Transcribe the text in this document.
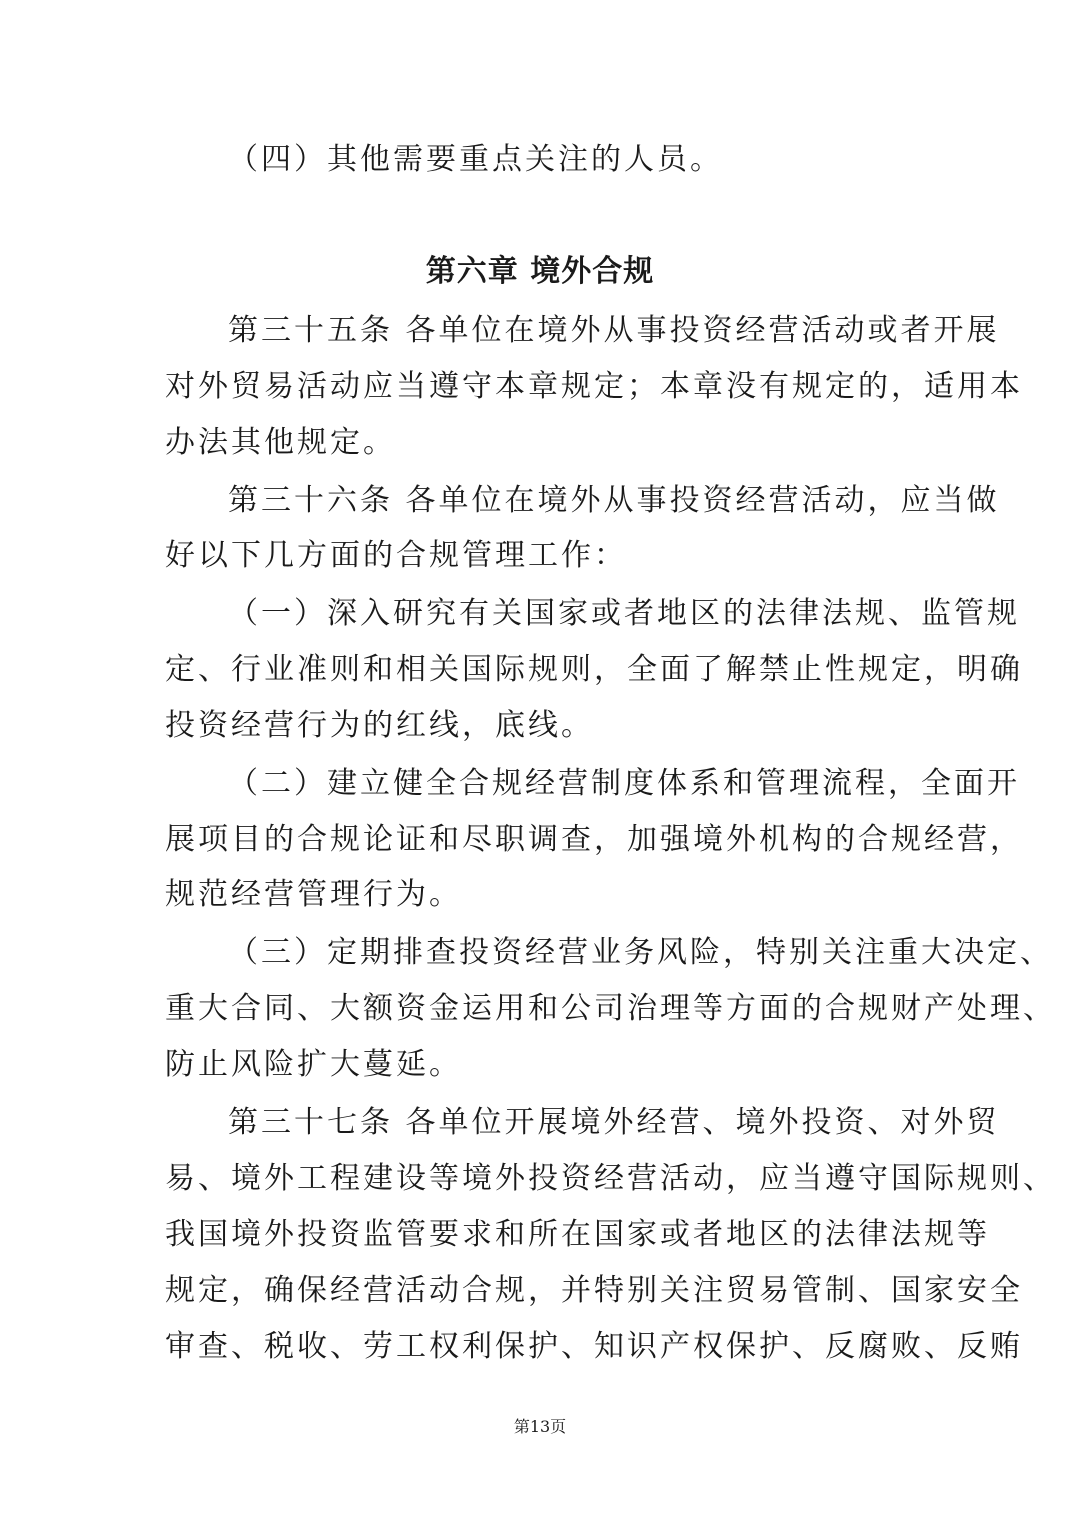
（四）其他需要重点关注的人员。
第六章 境外合规
第三十五条 各单位在境外从事投资经营活动或者开展
对外贸易活动应当遵守本章规定；本章没有规定的，适用本
办法其他规定。
第三十六条 各单位在境外从事投资经营活动，应当做
好以下几方面的合规管理工作：
（一）深入研究有关国家或者地区的法律法规、监管规
定、行业准则和相关国际规则，全面了解禁止性规定，明确
投资经营行为的红线，底线。
（二）建立健全合规经营制度体系和管理流程，全面开
展项目的合规论证和尽职调查，加强境外机构的合规经营，
规范经营管理行为。
（三）定期排查投资经营业务风险，特别关注重大决定、
重大合同、大额资金运用和公司治理等方面的合规财产处理、
防止风险扩大蔓延。
第三十七条 各单位开展境外经营、境外投资、对外贸
易、境外工程建设等境外投资经营活动，应当遵守国际规则、
我国境外投资监管要求和所在国家或者地区的法律法规等
规定，确保经营活动合规，并特别关注贸易管制、国家安全
审查、税收、劳工权利保护、知识产权保护、反腐败、反贿
第13页
